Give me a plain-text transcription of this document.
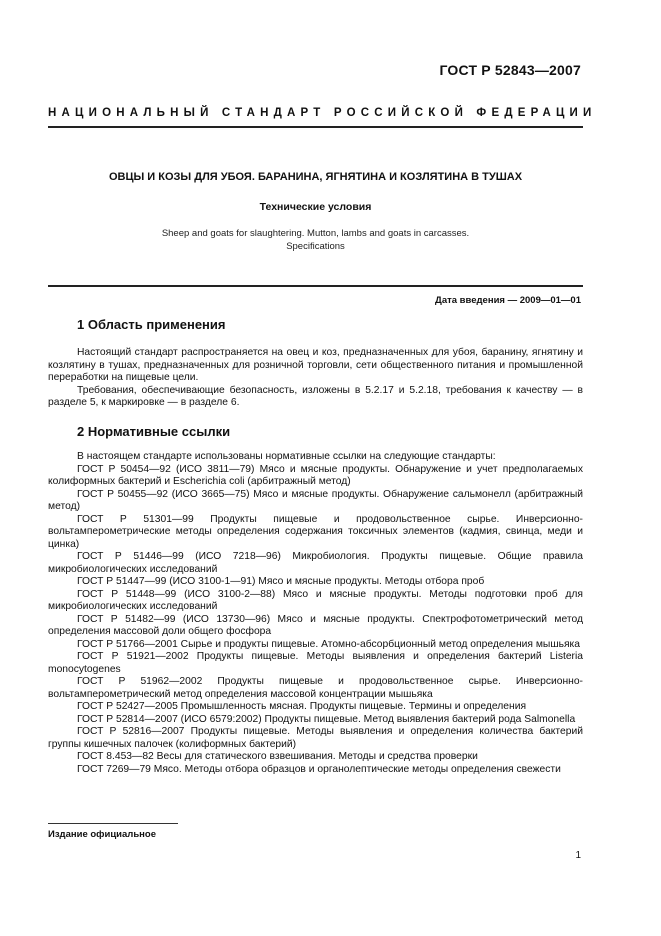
ГОСТ Р 52843—2007
НАЦИОНАЛЬНЫЙ СТАНДАРТ РОССИЙСКОЙ ФЕДЕРАЦИИ
ОВЦЫ И КОЗЫ ДЛЯ УБОЯ. БАРАНИНА, ЯГНЯТИНА И КОЗЛЯТИНА В ТУШАХ
Технические условия
Sheep and goats for slaughtering. Mutton, lambs and goats in carcasses.
Specifications
Дата введения — 2009—01—01
1 Область применения

Настоящий стандарт распространяется на овец и коз, предназначенных для убоя, баранину, ягнятину и козлятину в тушах, предназначенных для розничной торговли, сети общественного питания и промышленной переработки на пищевые цели.

Требования, обеспечивающие безопасность, изложены в 5.2.17 и 5.2.18, требования к качеству — в разделе 5, к маркировке — в разделе 6.

2 Нормативные ссылки

В настоящем стандарте использованы нормативные ссылки на следующие стандарты:

ГОСТ Р 50454—92 (ИСО 3811—79) Мясо и мясные продукты. Обнаружение и учет предполагаемых колиформных бактерий и Escherichia coli (арбитражный метод)

ГОСТ Р 50455—92 (ИСО 3665—75) Мясо и мясные продукты. Обнаружение сальмонелл (арбитражный метод)

ГОСТ Р 51301—99 Продукты пищевые и продовольственное сырье. Инверсионно-вольтамперометрические методы определения содержания токсичных элементов (кадмия, свинца, меди и цинка)

ГОСТ Р 51446—99 (ИСО 7218—96) Микробиология. Продукты пищевые. Общие правила микробиологических исследований

ГОСТ Р 51447—99 (ИСО 3100-1—91) Мясо и мясные продукты. Методы отбора проб

ГОСТ Р 51448—99 (ИСО 3100-2—88) Мясо и мясные продукты. Методы подготовки проб для микробиологических исследований

ГОСТ Р 51482—99 (ИСО 13730—96) Мясо и мясные продукты. Спектрофотометрический метод определения массовой доли общего фосфора

ГОСТ Р 51766—2001 Сырье и продукты пищевые. Атомно-абсорбционный метод определения мышьяка

ГОСТ Р 51921—2002 Продукты пищевые. Методы выявления и определения бактерий Listeria monocytogenes

ГОСТ Р 51962—2002 Продукты пищевые и продовольственное сырье. Инверсионно-вольтамперометрический метод определения массовой концентрации мышьяка

ГОСТ Р 52427—2005 Промышленность мясная. Продукты пищевые. Термины и определения

ГОСТ Р 52814—2007 (ИСО 6579:2002) Продукты пищевые. Метод выявления бактерий рода Salmonella

ГОСТ Р 52816—2007 Продукты пищевые. Методы выявления и определения количества бактерий группы кишечных палочек (колиформных бактерий)

ГОСТ 8.453—82 Весы для статического взвешивания. Методы и средства проверки

ГОСТ 7269—79 Мясо. Методы отбора образцов и органолептические методы определения свежести

Издание официальное
1
